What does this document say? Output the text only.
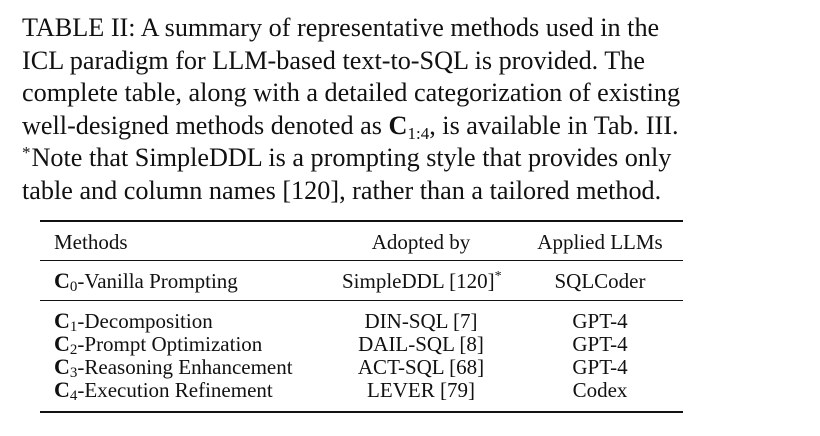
TABLE II: A summary of representative methods used in the
ICL paradigm for LLM-based text-to-SQL is provided. The
complete table, along with a detailed categorization of existing
well-designed methods denoted as $C_{1:4}$, is available in Tab. III.
*Note that SimpleDDL is a prompting style that provides only
table and column names [120], rather than a tailored method.
Methods	Adopted by	Applied LLMs
$C_0$-Vanilla Prompting	SimpleDDL [120]*	SQLCoder
$C_1$-Decomposition	DIN-SQL [7]	GPT-4
$C_2$-Prompt Optimization	DAIL-SQL [8]	GPT-4
$C_3$-Reasoning Enhancement	ACT-SQL [68]	GPT-4
$C_4$-Execution Refinement	LEVER [79]	Codex
